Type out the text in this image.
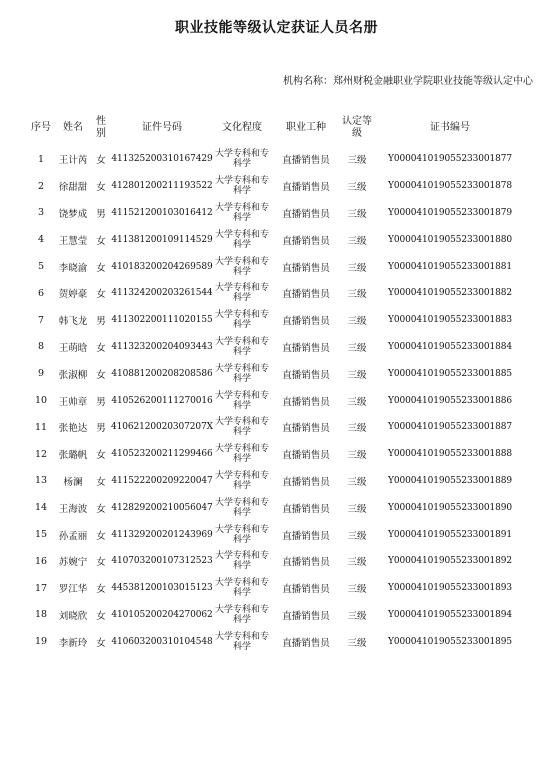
职业技能等级认定获证人员名册
机构名称：郑州财税金融职业学院职业技能等级认定中心
序号	姓名	性别	证件号码	文化程度	职业工种	认定等级	证书编号
1	王计芮	女	411325200310167429	大学专科和专科学	直播销售员	三级	Y000041019055233001877
2	徐甜甜	女	412801200211193522	大学专科和专科学	直播销售员	三级	Y000041019055233001878
3	饶梦成	男	411521200103016412	大学专科和专科学	直播销售员	三级	Y000041019055233001879
4	王慧莹	女	411381200109114529	大学专科和专科学	直播销售员	三级	Y000041019055233001880
5	李晓渝	女	410183200204269589	大学专科和专科学	直播销售员	三级	Y000041019055233001881
6	贺婷豪	女	411324200203261544	大学专科和专科学	直播销售员	三级	Y000041019055233001882
7	韩飞龙	男	411302200111020155	大学专科和专科学	直播销售员	三级	Y000041019055233001883
8	王萌晗	女	411323200204093443	大学专科和专科学	直播销售员	三级	Y000041019055233001884
9	张淑柳	女	410881200208208586	大学专科和专科学	直播销售员	三级	Y000041019055233001885
10	王帅章	男	410526200111270016	大学专科和专科学	直播销售员	三级	Y000041019055233001886
11	张艳达	男	41062120020307207X	大学专科和专科学	直播销售员	三级	Y000041019055233001887
12	张璐帆	女	410523200211299466	大学专科和专科学	直播销售员	三级	Y000041019055233001888
13	杨澜	女	411522200209220047	大学专科和专科学	直播销售员	三级	Y000041019055233001889
14	王海波	女	412829200210056047	大学专科和专科学	直播销售员	三级	Y000041019055233001890
15	孙孟丽	女	411329200201243969	大学专科和专科学	直播销售员	三级	Y000041019055233001891
16	苏婉宁	女	410703200107312523	大学专科和专科学	直播销售员	三级	Y000041019055233001892
17	罗江华	女	445381200103015123	大学专科和专科学	直播销售员	三级	Y000041019055233001893
18	刘晓欣	女	410105200204270062	大学专科和专科学	直播销售员	三级	Y000041019055233001894
19	李新玲	女	410603200310104548	大学专科和专科学	直播销售员	三级	Y000041019055233001895
